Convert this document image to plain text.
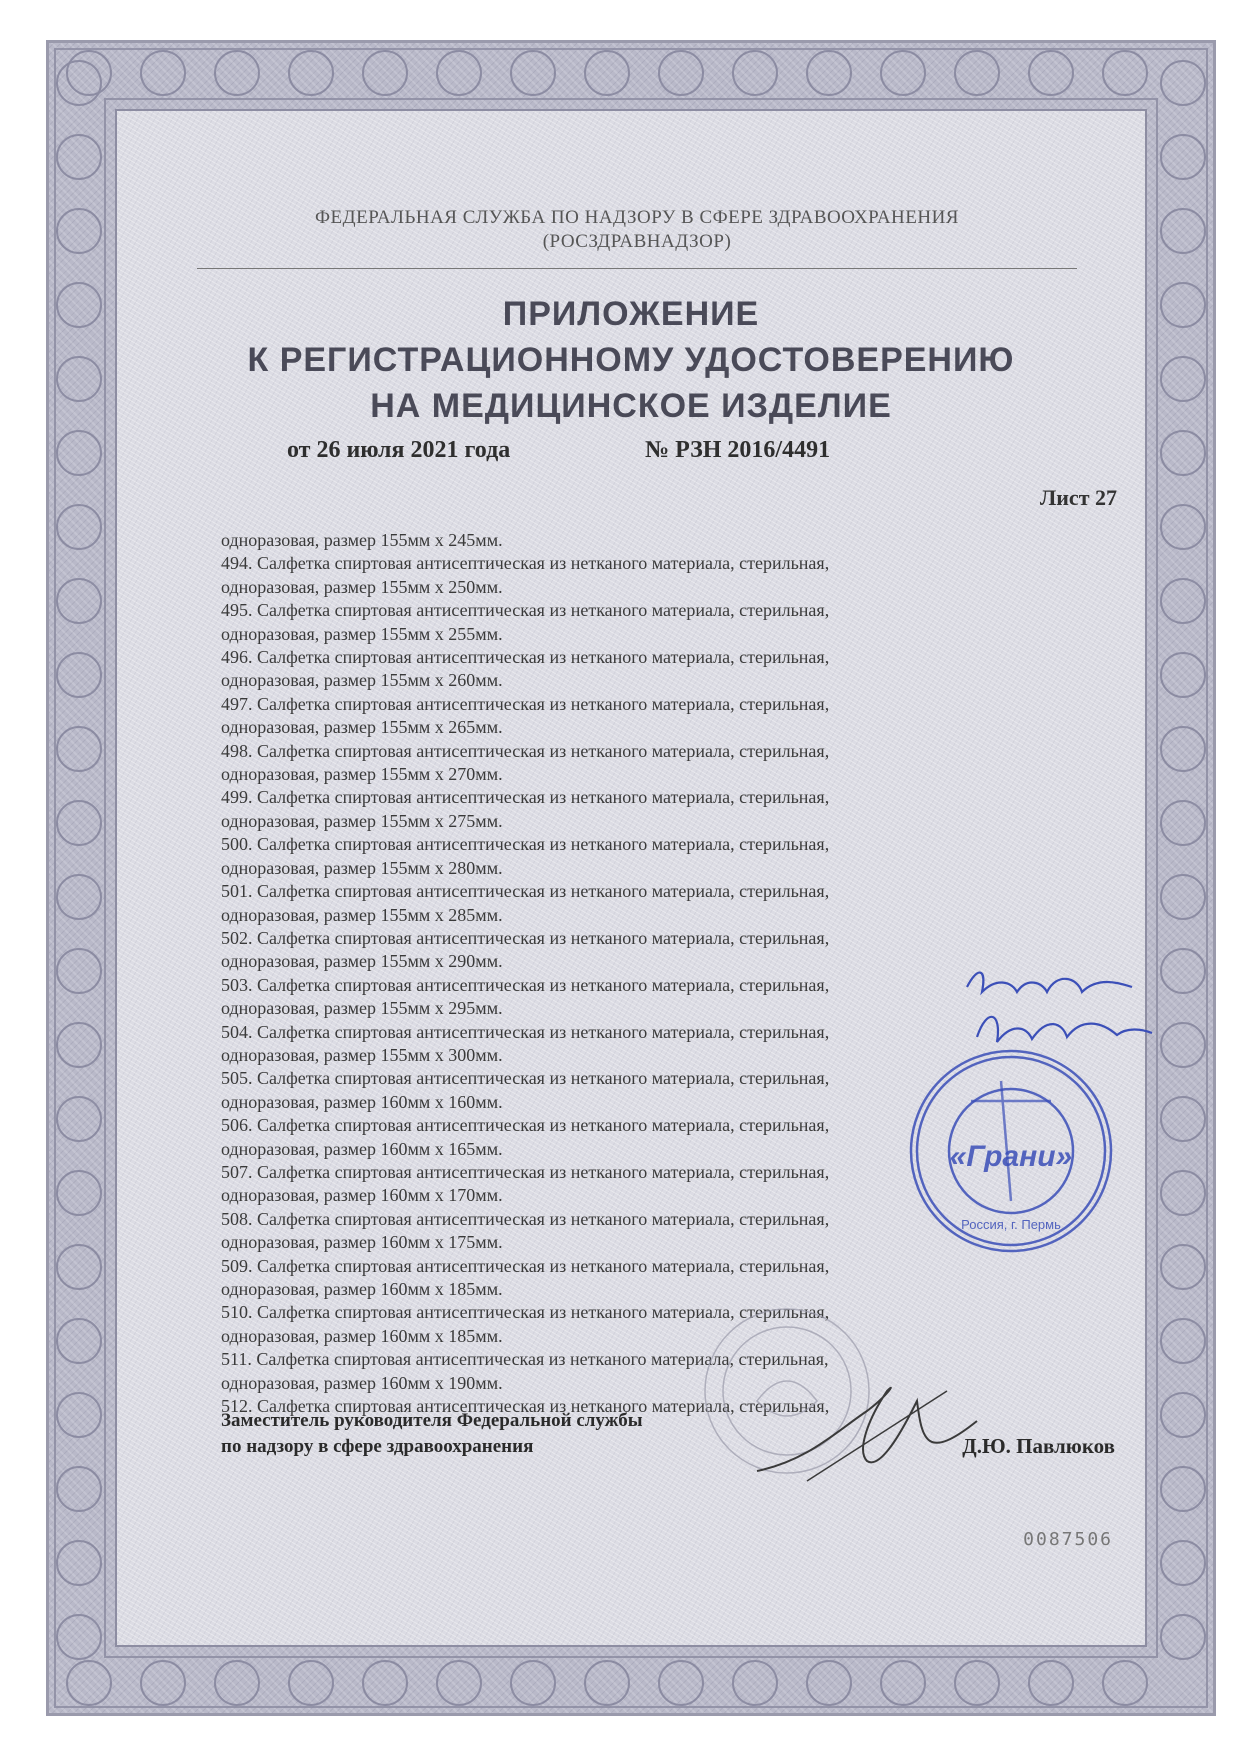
ФЕДЕРАЛЬНАЯ СЛУЖБА ПО НАДЗОРУ В СФЕРЕ ЗДРАВООХРАНЕНИЯ
(РОСЗДРАВНАДЗОР)
ПРИЛОЖЕНИЕ
К РЕГИСТРАЦИОННОМУ УДОСТОВЕРЕНИЮ
НА МЕДИЦИНСКОЕ ИЗДЕЛИЕ
от 26 июля 2021 года	№ РЗН 2016/4491
Лист 27
одноразовая, размер 155мм х 245мм.
494. Салфетка спиртовая антисептическая из нетканого материала, стерильная,
одноразовая, размер 155мм х 250мм.
495. Салфетка спиртовая антисептическая из нетканого материала, стерильная,
одноразовая, размер 155мм х 255мм.
496. Салфетка спиртовая антисептическая из нетканого материала, стерильная,
одноразовая, размер 155мм х 260мм.
497. Салфетка спиртовая антисептическая из нетканого материала, стерильная,
одноразовая, размер 155мм х 265мм.
498. Салфетка спиртовая антисептическая из нетканого материала, стерильная,
одноразовая, размер 155мм х 270мм.
499. Салфетка спиртовая антисептическая из нетканого материала, стерильная,
одноразовая, размер 155мм х 275мм.
500. Салфетка спиртовая антисептическая из нетканого материала, стерильная,
одноразовая, размер 155мм х 280мм.
501. Салфетка спиртовая антисептическая из нетканого материала, стерильная,
одноразовая, размер 155мм х 285мм.
502. Салфетка спиртовая антисептическая из нетканого материала, стерильная,
одноразовая, размер 155мм х 290мм.
503. Салфетка спиртовая антисептическая из нетканого материала, стерильная,
одноразовая, размер 155мм х 295мм.
504. Салфетка спиртовая антисептическая из нетканого материала, стерильная,
одноразовая, размер 155мм х 300мм.
505. Салфетка спиртовая антисептическая из нетканого материала, стерильная,
одноразовая, размер 160мм х 160мм.
506. Салфетка спиртовая антисептическая из нетканого материала, стерильная,
одноразовая, размер 160мм х 165мм.
507. Салфетка спиртовая антисептическая из нетканого материала, стерильная,
одноразовая, размер 160мм х 170мм.
508. Салфетка спиртовая антисептическая из нетканого материала, стерильная,
одноразовая, размер 160мм х 175мм.
509. Салфетка спиртовая антисептическая из нетканого материала, стерильная,
одноразовая, размер 160мм х 185мм.
510. Салфетка спиртовая антисептическая из нетканого материала, стерильная,
одноразовая, размер 160мм х 185мм.
511. Салфетка спиртовая антисептическая из нетканого материала, стерильная,
одноразовая, размер 160мм х 190мм.
512. Салфетка спиртовая антисептическая из нетканого материала, стерильная,
Заместитель руководителя Федеральной службы
по надзору в сфере здравоохранения	Д.Ю. Павлюков
0087506
«Грани»
Россия, г. Пермь
